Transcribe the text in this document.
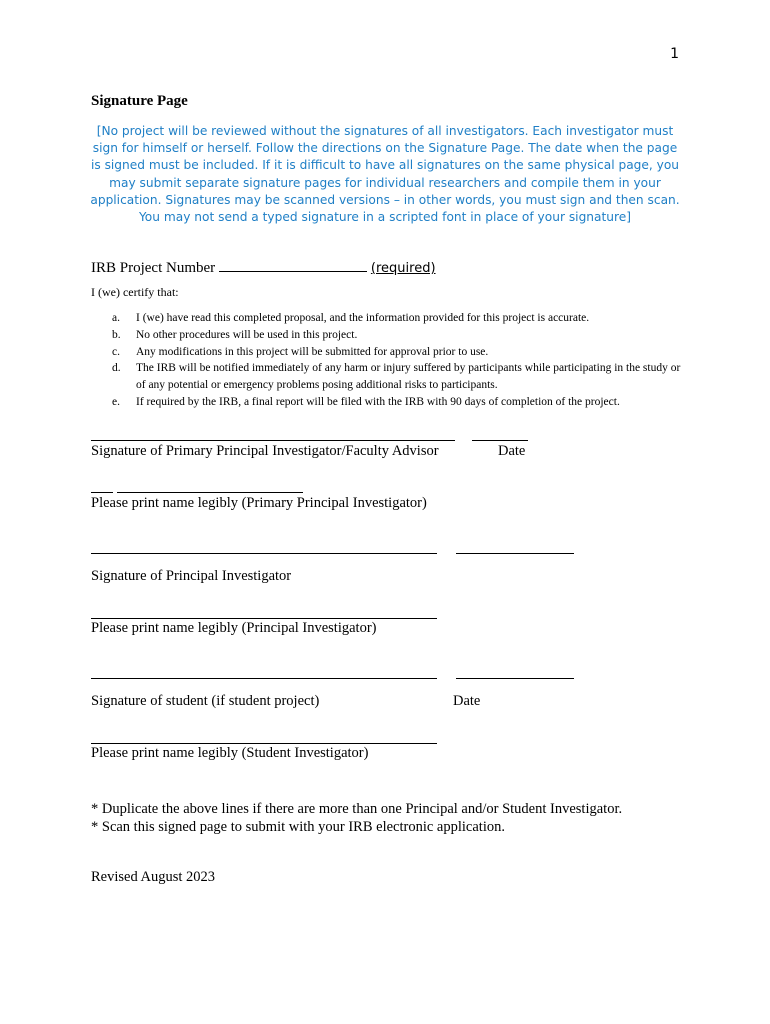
1
Signature Page
[No project will be reviewed without the signatures of all investigators. Each investigator must sign for himself or herself. Follow the directions on the Signature Page. The date when the page is signed must be included. If it is difficult to have all signatures on the same physical page, you may submit separate signature pages for individual researchers and compile them in your application. Signatures may be scanned versions – in other words, you must sign and then scan. You may not send a typed signature in a scripted font in place of your signature]
IRB Project Number	(required)
I (we) certify that:
a.	I (we) have read this completed proposal, and the information provided for this project is accurate.
b.	No other procedures will be used in this project.
c.	Any modifications in this project will be submitted for approval prior to use.
d.	The IRB will be notified immediately of any harm or injury suffered by participants while participating in the study or of any potential or emergency problems posing additional risks to participants.
e.	If required by the IRB, a final report will be filed with the IRB with 90 days of completion of the project.
Signature of Primary Principal Investigator/Faculty Advisor	Date
Please print name legibly (Primary Principal Investigator)
Signature of Principal Investigator
Please print name legibly (Principal Investigator)
Signature of student (if student project)	Date
Please print name legibly (Student Investigator)
* Duplicate the above lines if there are more than one Principal and/or Student Investigator.
* Scan this signed page to submit with your IRB electronic application.
Revised August 2023
